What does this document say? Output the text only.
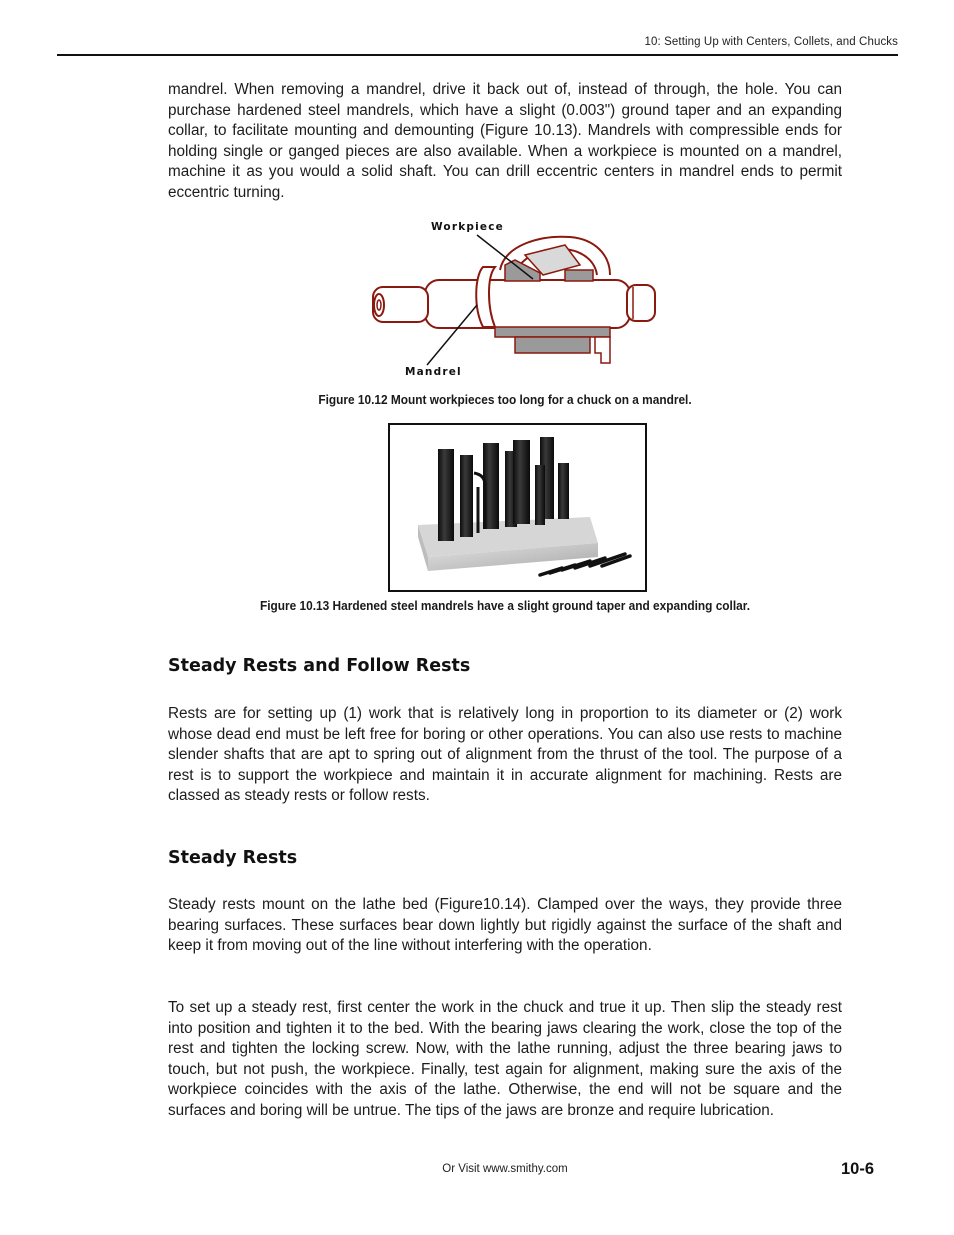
10: Setting Up with Centers, Collets, and Chucks

mandrel. When removing a mandrel, drive it back out of, instead of through, the hole. You can purchase hardened steel mandrels, which have a slight (0.003") ground taper and an expanding collar, to facilitate mounting and demounting (Figure 10.13). Mandrels with compressible ends for holding single or ganged pieces are also available. When a workpiece is mounted on a mandrel, machine it as you would a solid shaft. You can drill eccentric centers in mandrel ends to permit eccentric turning.

Workpiece
Mandrel

Figure 10.12 Mount workpieces too long for a chuck on a mandrel.

Figure 10.13 Hardened steel mandrels have a slight ground taper and expanding collar.

Steady Rests and Follow Rests

Rests are for setting up (1) work that is relatively long in proportion to its diameter or (2) work whose dead end must be left free for boring or other operations. You can also use rests to machine slender shafts that are apt to spring out of alignment from the thrust of the tool. The purpose of a rest is to support the workpiece and maintain it in accurate alignment for machining. Rests are classed as steady rests or follow rests.

Steady Rests

Steady rests mount on the lathe bed (Figure10.14). Clamped over the ways, they provide three bearing surfaces. These surfaces bear down lightly but rigidly against the surface of the shaft and keep it from moving out of the line without interfering with the operation.

To set up a steady rest, first center the work in the chuck and true it up. Then slip the steady rest into position and tighten it to the bed. With the bearing jaws clearing the work, close the top of the rest and tighten the locking screw. Now, with the lathe running, adjust the three bearing jaws to touch, but not push, the workpiece. Finally, test again for alignment, making sure the axis of the workpiece coincides with the axis of the lathe. Otherwise, the end will not be square and the surfaces and boring will be untrue. The tips of the jaws are bronze and require lubrication.

Or Visit www.smithy.com	10-6
